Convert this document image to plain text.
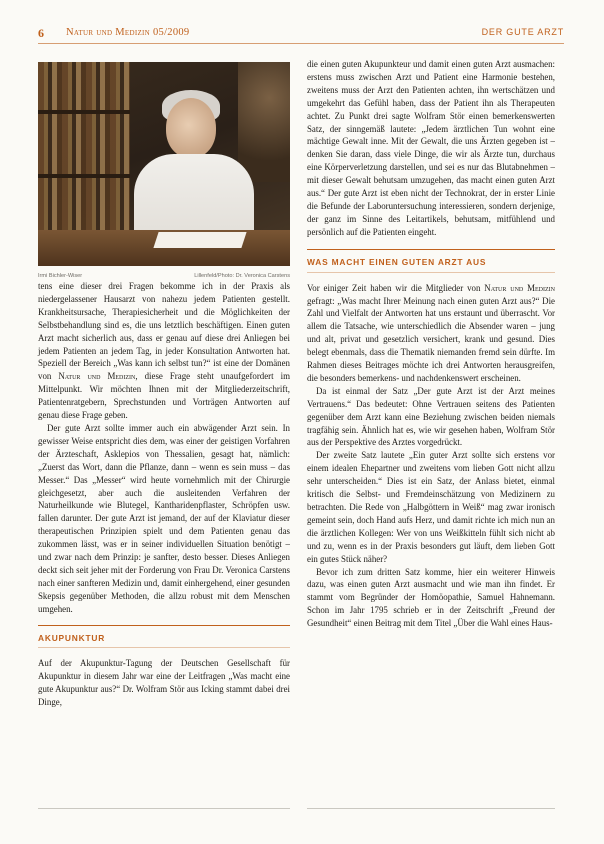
6 Natur und Medizin 05/2009	DER GUTE ARZT
Irmi Bichler-Wiser	Lillenfeld/Photo: Dr. Veronica Carstens

tens eine dieser drei Fragen bekomme ich in der Praxis als niedergelassener Hausarzt von nahezu jedem Patienten gestellt. Krankheitsursache, Therapiesicherheit und die Möglichkeiten der Selbstbehandlung sind es, die uns letztlich beschäftigen. Einen guten Arzt macht sicherlich aus, dass er genau auf diese drei Anliegen bei jedem Patienten an jedem Tag, in jeder Konsultation Antworten hat. Speziell der Bereich „Was kann ich selbst tun?“ ist eine der Domänen von Natur und Medizin, diese Frage steht unaufgefordert im Mittelpunkt. Wir möchten Ihnen mit der Mitgliederzeitschrift, Patientenratgebern, Sprechstunden und Vorträgen Antworten auf genau diese Frage geben.

Der gute Arzt sollte immer auch ein abwägender Arzt sein. In gewisser Weise entspricht dies dem, was einer der geistigen Vorfahren der Ärzteschaft, Asklepios von Thessalien, gesagt hat, nämlich: „Zuerst das Wort, dann die Pflanze, dann – wenn es sein muss – das Messer.“ Das „Messer“ wird heute vornehmlich mit der Chirurgie gleichgesetzt, aber auch die ausleitenden Verfahren der Naturheilkunde wie Blutegel, Kantharidenpflaster, Schröpfen usw. fallen darunter. Der gute Arzt ist jemand, der auf der Klaviatur dieser therapeutischen Prinzipien spielt und dem Patienten genau das zukommen lässt, was er in seiner individuellen Situation benötigt – und zwar nach dem Prinzip: je sanfter, desto besser. Dieses Anliegen deckt sich seit jeher mit der Forderung von Frau Dr. Veronica Carstens nach einer sanfteren Medizin und, damit einhergehend, einer gesunden Skepsis gegenüber Methoden, die allzu robust mit dem Menschen umgehen.

AKUPUNKTUR

Auf der Akupunktur-Tagung der Deutschen Gesellschaft für Akupunktur in diesem Jahr war eine der Leitfragen „Was macht eine gute Akupunktur aus?“ Dr. Wolfram Stör aus Icking stammt dabei drei Dinge,

die einen guten Akupunkteur und damit einen guten Arzt ausmachen: erstens muss zwischen Arzt und Patient eine Harmonie bestehen, zweitens muss der Arzt den Patienten achten, ihn wertschätzen und umgekehrt das Gefühl haben, dass der Patient ihn als Therapeuten achtet. Zu Punkt drei sagte Wolfram Stör einen bemerkenswerten Satz, der sinngemäß lautete: „Jedem ärztlichen Tun wohnt eine mächtige Gewalt inne. Mit der Gewalt, die uns Ärzten gegeben ist – denken Sie daran, dass viele Dinge, die wir als Ärzte tun, durchaus eine Körperverletzung darstellen, und sei es nur das Blutabnehmen – mit dieser Gewalt behutsam umzugehen, das macht einen guten Arzt aus.“ Der gute Arzt ist eben nicht der Technokrat, der in erster Linie die Befunde der Laboruntersuchung interessieren, sondern derjenige, der ganz im Sinne des Leitartikels, behutsam, mitfühlend und persönlich auf die Patienten eingeht.

WAS MACHT EINEN GUTEN ARZT AUS

Vor einiger Zeit haben wir die Mitglieder von Natur und Medizin gefragt: „Was macht Ihrer Meinung nach einen guten Arzt aus?“ Die Zahl und Vielfalt der Antworten hat uns erstaunt und überrascht. Vor allem die Tatsache, wie unterschiedlich die Absender waren – jung und alt, privat und gesetzlich versichert, krank und gesund. Dies belegt ebenmals, dass die Thematik niemanden fremd sein dürfte. Im Rahmen dieses Beitrages möchte ich drei Antworten herausgreifen, die besonders bemerkens- und nachdenkenswert erscheinen.

Da ist einmal der Satz „Der gute Arzt ist der Arzt meines Vertrauens.“ Das bedeutet: Ohne Vertrauen seitens des Patienten gegenüber dem Arzt kann eine Beziehung zwischen beiden niemals tragfähig sein. Ähnlich hat es, wie wir gesehen haben, Wolfram Stör aus der Perspektive des Arztes vorgedrückt.

Der zweite Satz lautete „Ein guter Arzt sollte sich erstens vor einem idealen Ehepartner und zweitens vom lieben Gott nicht allzu sehr unterscheiden.“ Dies ist ein Satz, der Anlass bietet, einmal kritisch die Selbst- und Fremdeinschätzung von Medizinern zu betrachten. Die Rede von „Halbgöttern in Weiß“ mag zwar ironisch gemeint sein, doch Hand aufs Herz, und damit richte ich mich nun an die ärztlichen Kollegen: Wer von uns Weißkitteln fühlt sich nicht ab und zu, wenn es in der Praxis besonders gut läuft, dem lieben Gott ein gutes Stück näher?

Bevor ich zum dritten Satz komme, hier ein weiterer Hinweis dazu, was einen guten Arzt ausmacht und wie man ihn findet. Er stammt vom Begründer der Homöopathie, Samuel Hahnemann. Schon im Jahr 1795 schrieb er in der Zeitschrift „Freund der Gesundheit“ einen Beitrag mit dem Titel „Über die Wahl eines Haus-
